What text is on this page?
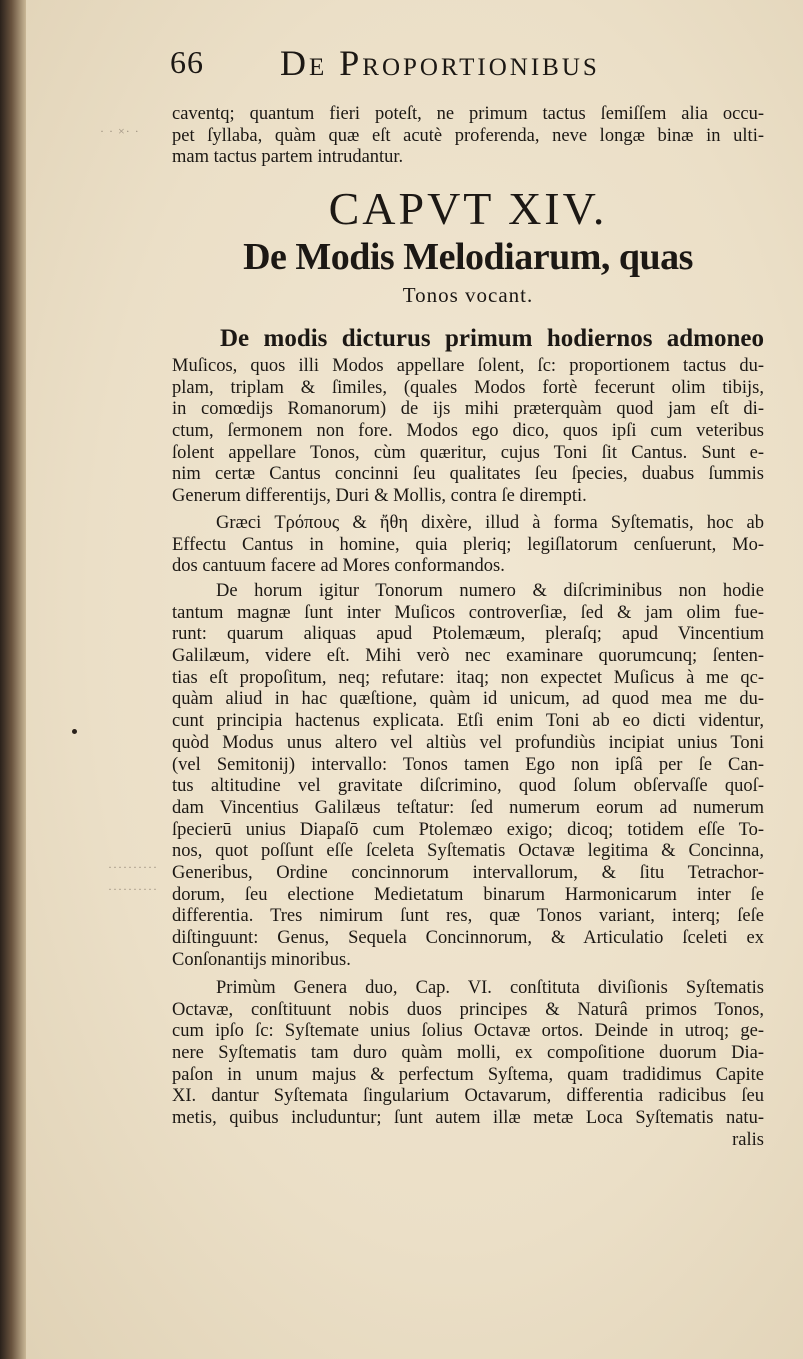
66 De Proportionibus
· · ×· ·
··········
··········
caventq; quantum fieri poteſt, ne primum tactus ſemiſſem alia occu-
pet ſyllaba, quàm quæ eſt acutè proferenda, neve longæ binæ in ulti-
mam tactus partem intrudantur.
CAPVT XIV.
De Modis Melodiarum, quas
Tonos vocant.
De modis dicturus primum hodiernos admoneo
Muſicos, quos illi Modos appellare ſolent, ſc: proportionem tactus du-
plam, triplam & ſimiles, (quales Modos fortè fecerunt olim tibijs,
in comœdijs Romanorum) de ijs mihi præterquàm quod jam eſt di-
ctum, ſermonem non fore. Modos ego dico, quos ipſi cum veteribus
ſolent appellare Tonos, cùm quæritur, cujus Toni ſit Cantus. Sunt e-
nim certæ Cantus concinni ſeu qualitates ſeu ſpecies, duabus ſummis
Generum differentijs, Duri & Mollis, contra ſe dirempti.
Græci Τρόπους & ἤθη dixère, illud à forma Syſtematis, hoc ab
Effectu Cantus in homine, quia pleriq; legiſlatorum cenſuerunt, Mo-
dos cantuum facere ad Mores conformandos.
De horum igitur Tonorum numero & diſcriminibus non hodie
tantum magnæ ſunt inter Muſicos controverſiæ, ſed & jam olim fue-
runt: quarum aliquas apud Ptolemæum, pleraſq; apud Vincentium
Galilæum, videre eſt. Mihi verò nec examinare quorumcunq; ſenten-
tias eſt propoſitum, neq; refutare: itaq; non expectet Muſicus à me qc-
quàm aliud in hac quæſtione, quàm id unicum, ad quod mea me du-
cunt principia hactenus explicata. Etſi enim Toni ab eo dicti videntur,
quòd Modus unus altero vel altiùs vel profundiùs incipiat unius Toni
(vel Semitonij) intervallo: Tonos tamen Ego non ipſâ per ſe Can-
tus altitudine vel gravitate diſcrimino, quod ſolum obſervaſſe quoſ-
dam Vincentius Galilæus teſtatur: ſed numerum eorum ad numerum
ſpecierū unius Diapaſō cum Ptolemæo exigo; dicoq; totidem eſſe To-
nos, quot poſſunt eſſe ſceleta Syſtematis Octavæ legitima & Concinna,
Generibus, Ordine concinnorum intervallorum, & ſitu Tetrachor-
dorum, ſeu electione Medietatum binarum Harmonicarum inter ſe
differentia. Tres nimirum ſunt res, quæ Tonos variant, interq; ſeſe
diſtinguunt: Genus, Sequela Concinnorum, & Articulatio ſceleti ex
Conſonantijs minoribus.
Primùm Genera duo, Cap. VI. conſtituta diviſionis Syſtematis
Octavæ, conſtituunt nobis duos principes & Naturâ primos Tonos,
cum ipſo ſc: Syſtemate unius ſolius Octavæ ortos. Deinde in utroq; ge-
nere Syſtematis tam duro quàm molli, ex compoſitione duorum Dia-
paſon in unum majus & perfectum Syſtema, quam tradidimus Capite
XI. dantur Syſtemata ſingularium Octavarum, differentia radicibus ſeu
metis, quibus includuntur; ſunt autem illæ metæ Loca Syſtematis natu-
ralis
